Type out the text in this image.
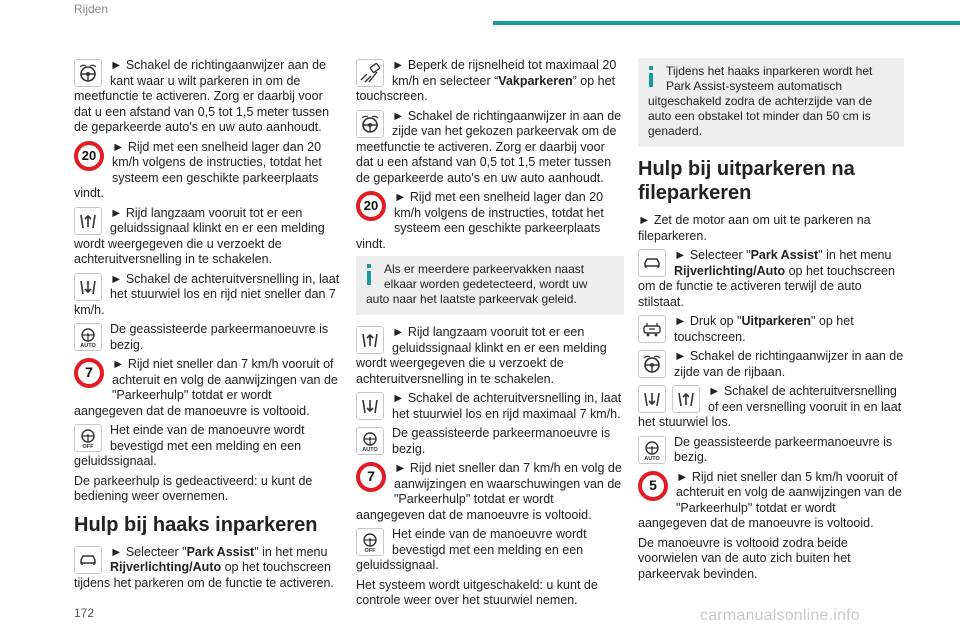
Rijden
► Schakel de richtingaanwijzer aan de kant waar u wilt parkeren in om de meetfunctie te activeren. Zorg er daarbij voor dat u een afstand van 0,5 tot 1,5 meter tussen de geparkeerde auto's en uw auto aanhoudt.
20
► Rijd met een snelheid lager dan 20 km/h volgens de instructies, totdat het systeem een geschikte parkeerplaats vindt.
► Rijd langzaam vooruit tot er een geluidssignaal klinkt en er een melding wordt weergegeven die u verzoekt de achteruitversnelling in te schakelen.
► Schakel de achteruitversnelling in, laat het stuurwiel los en rijd niet sneller dan 7 km/h.
AUTO
De geassisteerde parkeermanoeuvre is bezig.
7
► Rijd niet sneller dan 7 km/h vooruit of achteruit en volg de aanwijzingen van de "Parkeerhulp" totdat er wordt aangegeven dat de manoeuvre is voltooid.
OFF
Het einde van de manoeuvre wordt bevestigd met een melding en een geluidssignaal.
De parkeerhulp is gedeactiveerd: u kunt de bediening weer overnemen.
Hulp bij haaks inparkeren
► Selecteer "Park Assist" in het menu Rijverlichting/Auto op het touchscreen tijdens het parkeren om de functie te activeren.
► Beperk de rijsnelheid tot maximaal 20 km/h en selecteer “Vakparkeren” op het touchscreen.
► Schakel de richtingaanwijzer in aan de zijde van het gekozen parkeervak om de meetfunctie te activeren. Zorg er daarbij voor dat u een afstand van 0,5 tot 1,5 meter tussen de geparkeerde auto's en uw auto aanhoudt.
20
► Rijd met een snelheid lager dan 20 km/h volgens de instructies, totdat het systeem een geschikte parkeerplaats vindt.
Als er meerdere parkeervakken naast elkaar worden gedetecteerd, wordt uw auto naar het laatste parkeervak geleid.
► Rijd langzaam vooruit tot er een geluidssignaal klinkt en er een melding wordt weergegeven die u verzoekt de achteruitversnelling in te schakelen.
► Schakel de achteruitversnelling in, laat het stuurwiel los en rijd maximaal 7 km/h.
AUTO
De geassisteerde parkeermanoeuvre is bezig.
7
► Rijd niet sneller dan 7 km/h en volg de aanwijzingen en waarschuwingen van de "Parkeerhulp" totdat er wordt aangegeven dat de manoeuvre is voltooid.
OFF
Het einde van de manoeuvre wordt bevestigd met een melding en een geluidssignaal.
Het systeem wordt uitgeschakeld: u kunt de controle weer over het stuurwiel nemen.
Tijdens het haaks inparkeren wordt het Park Assist-systeem automatisch uitgeschakeld zodra de achterzijde van de auto een obstakel tot minder dan 50 cm is genaderd.
Hulp bij uitparkeren na fileparkeren
► Zet de motor aan om uit te parkeren na fileparkeren.
► Selecteer "Park Assist" in het menu Rijverlichting/Auto op het touchscreen om de functie te activeren terwijl de auto stilstaat.
► Druk op "Uitparkeren" op het touchscreen.
► Schakel de richtingaanwijzer in aan de zijde van de rijbaan.
► Schakel de achteruitversnelling of een versnelling vooruit in en laat het stuurwiel los.
AUTO
De geassisteerde parkeermanoeuvre is bezig.
5
► Rijd niet sneller dan 5 km/h vooruit of achteruit en volg de aanwijzingen van de "Parkeerhulp" totdat er wordt aangegeven dat de manoeuvre is voltooid.
De manoeuvre is voltooid zodra beide voorwielen van de auto zich buiten het parkeervak bevinden.
172	carmanualsonline.info
